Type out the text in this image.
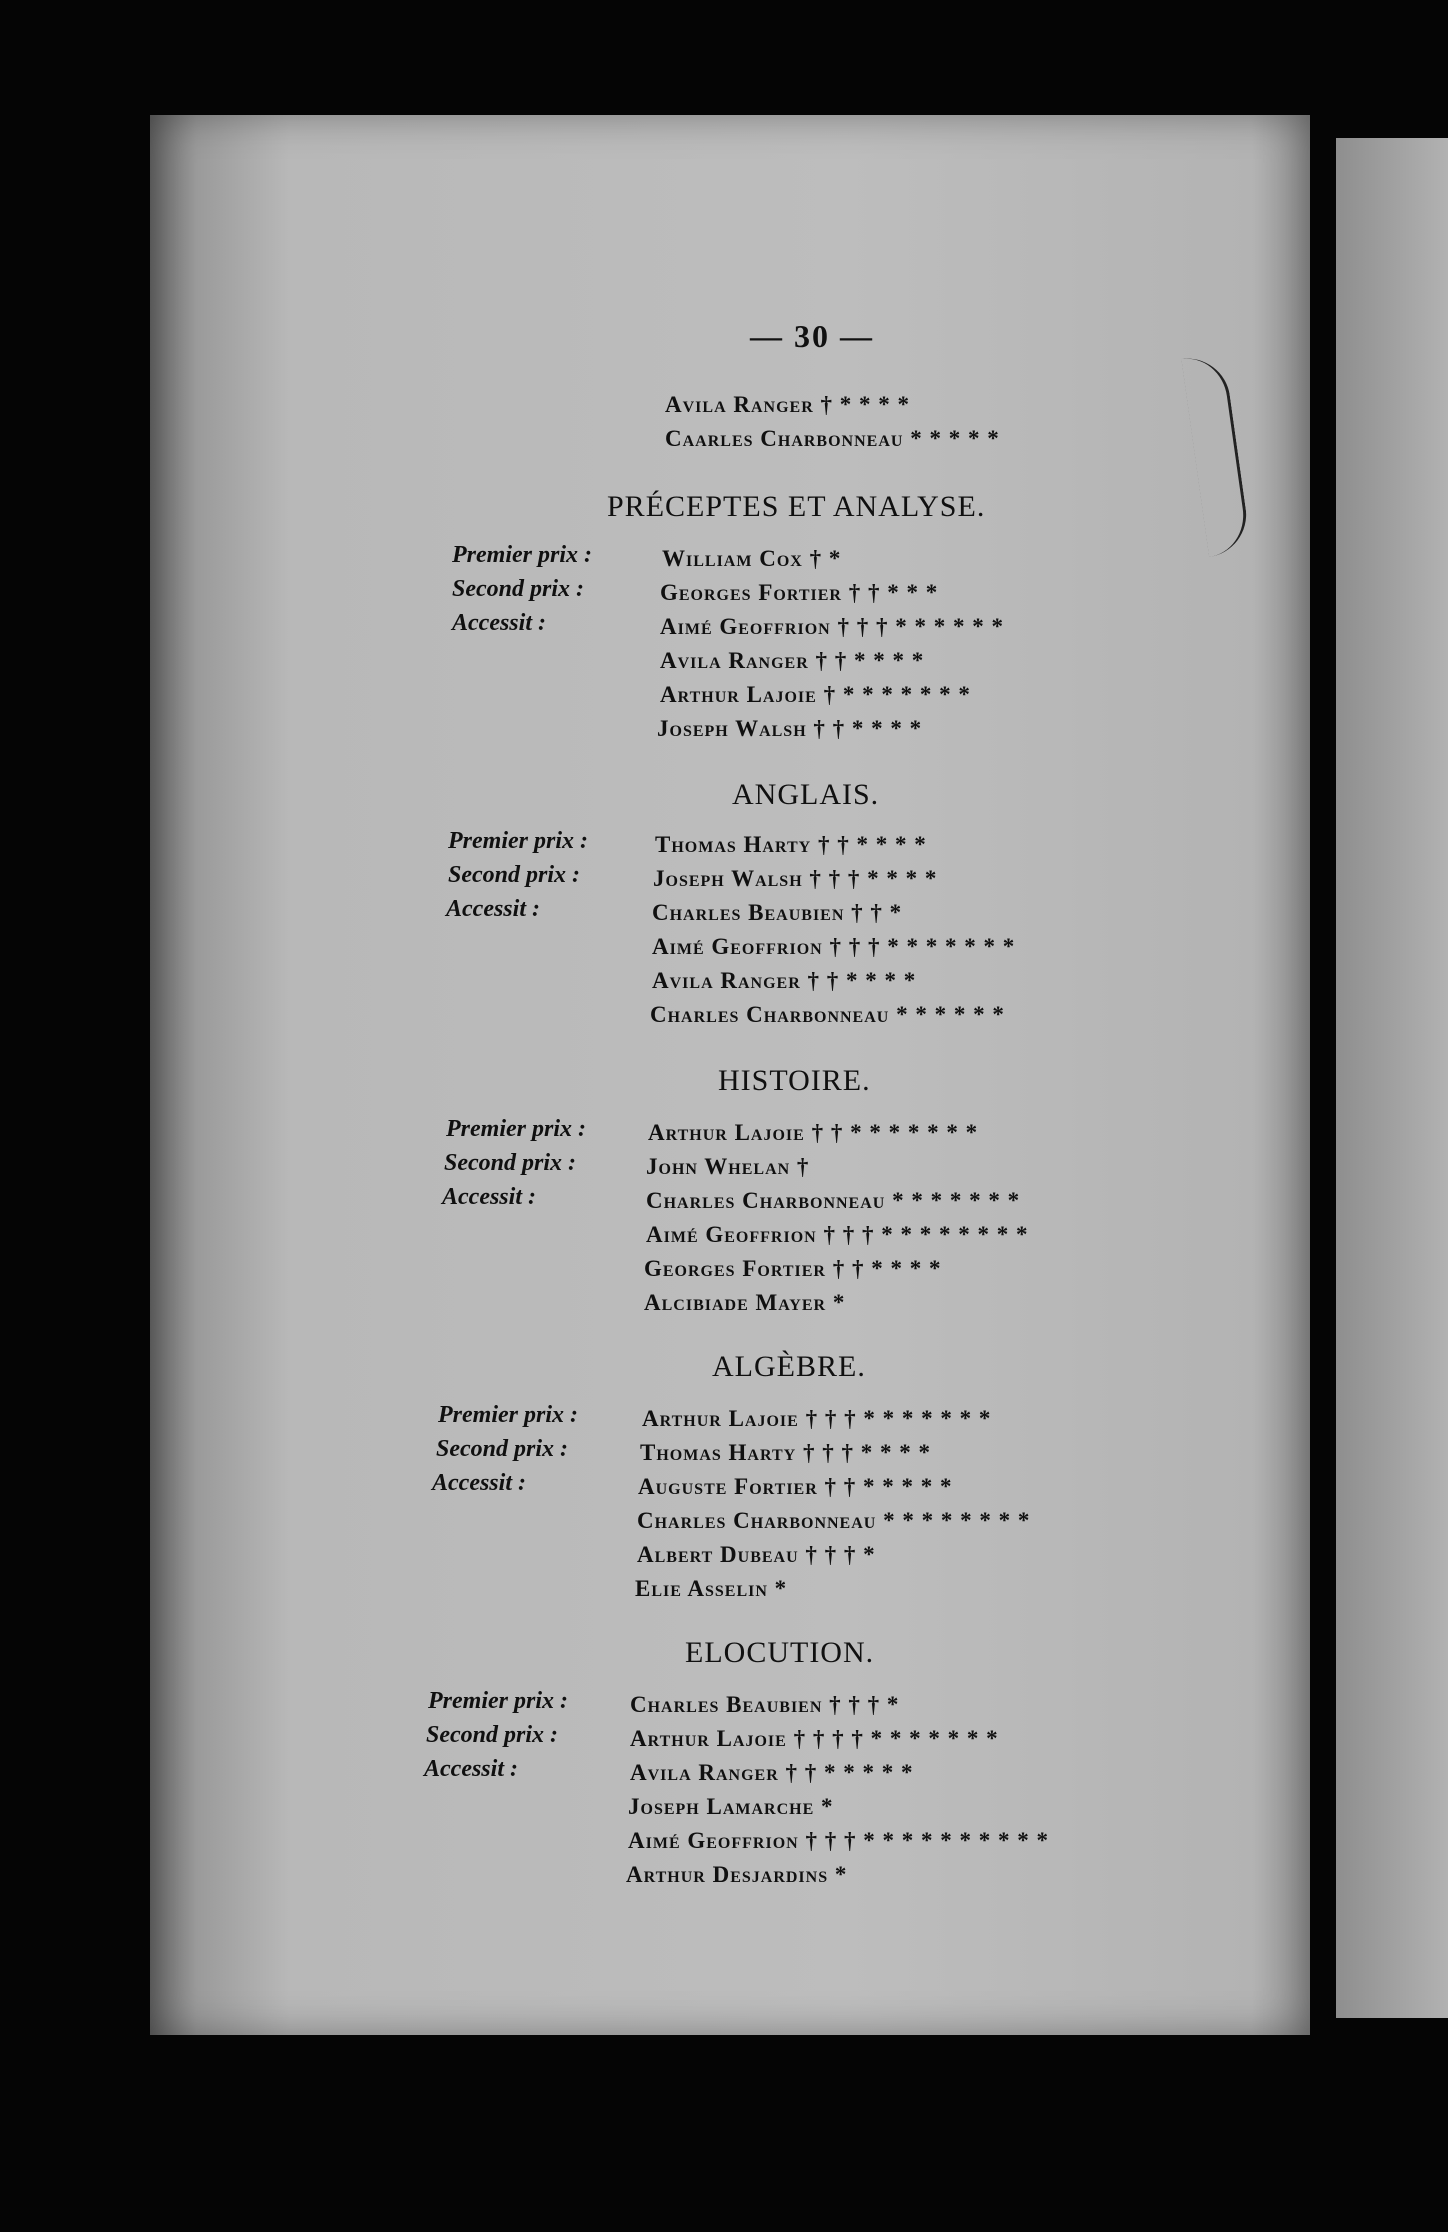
— 30 —
Avila Ranger † * * * *
Caarles Charbonneau * * * * *
PRÉCEPTES ET ANALYSE.
Premier prix :
Second prix :
Accessit :
William Cox † *
Georges Fortier † † * * *
Aimé Geoffrion † † † * * * * * *
Avila Ranger † † * * * *
Arthur Lajoie † * * * * * * *
Joseph Walsh † † * * * *
ANGLAIS.
Premier prix :
Second prix :
Accessit :
Thomas Harty † † * * * *
Joseph Walsh † † † * * * *
Charles Beaubien † † *
Aimé Geoffrion † † † * * * * * * *
Avila Ranger † † * * * *
Charles Charbonneau * * * * * *
HISTOIRE.
Premier prix :
Second prix :
Accessit :
Arthur Lajoie † † * * * * * * *
John Whelan †
Charles Charbonneau * * * * * * *
Aimé Geoffrion † † † * * * * * * * *
Georges Fortier † † * * * *
Alcibiade Mayer *
ALGÈBRE.
Premier prix :
Second prix :
Accessit :
Arthur Lajoie † † † * * * * * * *
Thomas Harty † † † * * * *
Auguste Fortier † † * * * * *
Charles Charbonneau * * * * * * * *
Albert Dubeau † † † *
Elie Asselin *
ELOCUTION.
Premier prix :
Second prix :
Accessit :
Charles Beaubien † † † *
Arthur Lajoie † † † † * * * * * * *
Avila Ranger † † * * * * *
Joseph Lamarche *
Aimé Geoffrion † † † * * * * * * * * * *
Arthur Desjardins *
